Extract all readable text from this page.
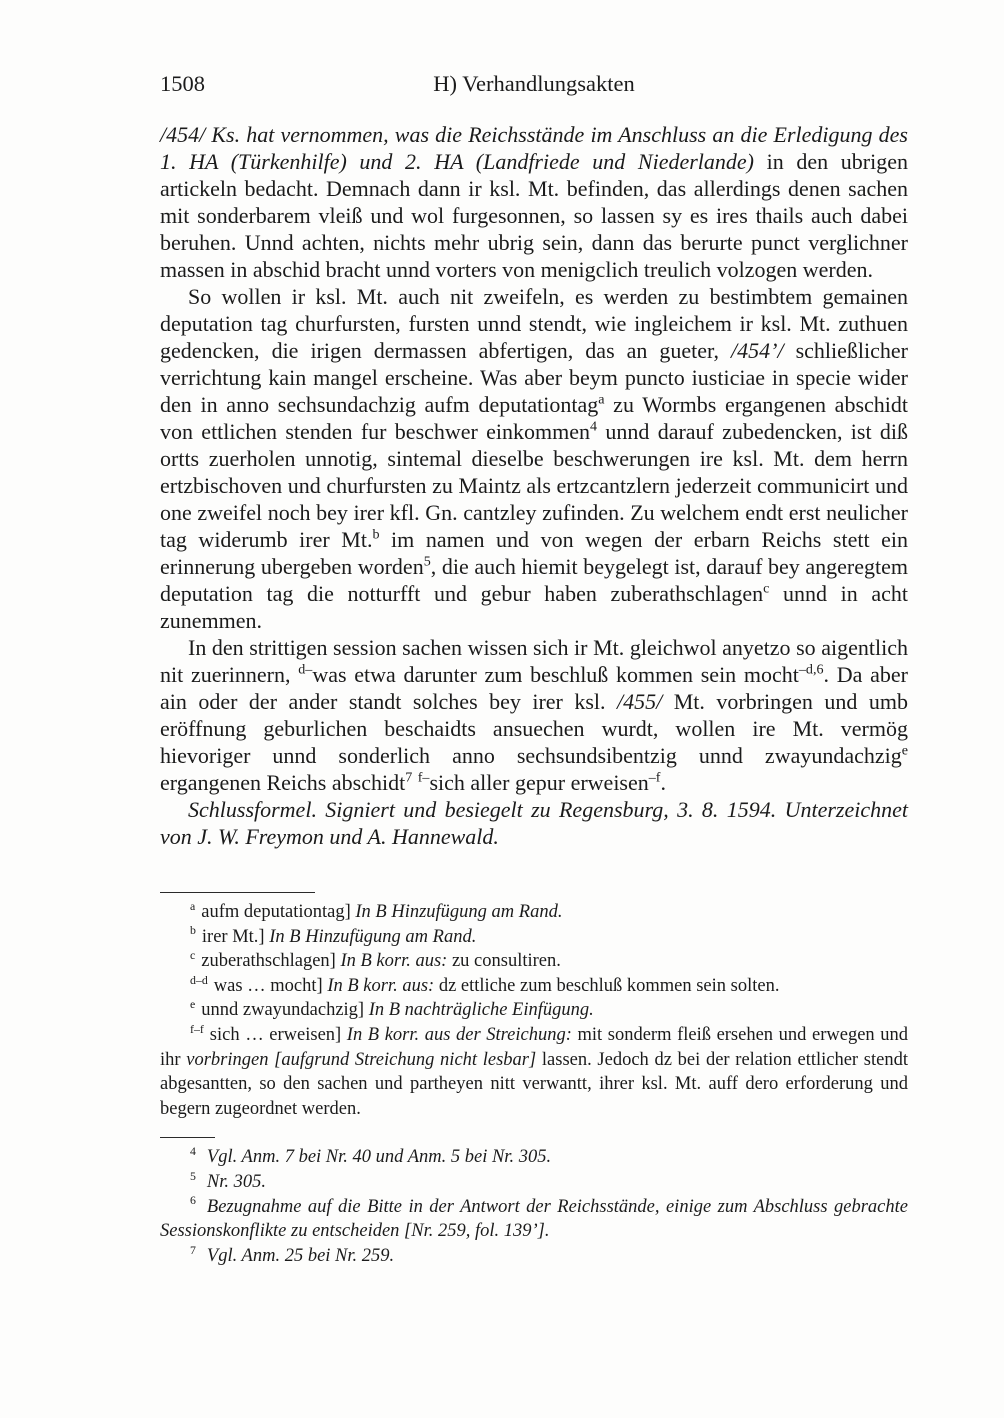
1508	H) Verhandlungsakten

/454/ Ks. hat vernommen, was die Reichsstände im Anschluss an die Erledigung des 1. HA (Türkenhilfe) und 2. HA (Landfriede und Niederlande) in den ubrigen artickeln bedacht. Demnach dann ir ksl. Mt. befinden, das allerdings denen sachen mit sonderbarem vleiß und wol furgesonnen, so lassen sy es ires thails auch dabei beruhen. Unnd achten, nichts mehr ubrig sein, dann das berurte punct verglichner massen in abschid bracht unnd vorters von menigclich treulich volzogen werden.

So wollen ir ksl. Mt. auch nit zweifeln, es werden zu bestimbtem gemainen deputation tag churfursten, fursten unnd stendt, wie ingleichem ir ksl. Mt. zuthuen gedencken, die irigen dermassen abfertigen, das an gueter, /454’/ schließlicher verrichtung kain mangel erscheine. Was aber beym puncto iusticiae in specie wider den in anno sechsundachzig aufm deputationtag$^a$ zu Wormbs ergangenen abschidt von ettlichen stenden fur beschwer einkommen$^4$ unnd darauf zubedencken, ist diß ortts zuerholen unnotig, sintemal dieselbe beschwerungen ire ksl. Mt. dem herrn ertzbischoven und churfursten zu Maintz als ertzcantzlern jederzeit communicirt und one zweifel noch bey irer kfl. Gn. cantzley zufinden. Zu welchem endt erst neulicher tag widerumb irer Mt.$^b$ im namen und von wegen der erbarn Reichs stett ein erinnerung ubergeben worden$^5$, die auch hiemit beygelegt ist, darauf bey angeregtem deputation tag die notturfft und gebur haben zuberathschlagen$^c$ unnd in acht zunemmen.

In den strittigen session sachen wissen sich ir Mt. gleichwol anyetzo so aigentlich nit zuerinnern, $^{d-}$was etwa darunter zum beschluß kommen sein mocht$^{-d,6}$. Da aber ain oder der ander standt solches bey irer ksl. /455/ Mt. vorbringen und umb eröffnung geburlichen beschaidts ansuechen wurdt, wollen ire Mt. vermög hievoriger unnd sonderlich anno sechsundsibentzig unnd zwayundachzig$^e$ ergangenen Reichs abschidt$^7$ $^{f-}$sich aller gepur erweisen$^{-f}$.

Schlussformel. Signiert und besiegelt zu Regensburg, 3. 8. 1594. Unterzeichnet von J. W. Freymon und A. Hannewald.

$^a$ aufm deputationtag] In B Hinzufügung am Rand.

$^b$ irer Mt.] In B Hinzufügung am Rand.

$^c$ zuberathschlagen] In B korr. aus: zu consultiren.

$^{d-d}$ was … mocht] In B korr. aus: dz ettliche zum beschluß kommen sein solten.

$^e$ unnd zwayundachzig] In B nachträgliche Einfügung.

$^{f-f}$ sich … erweisen] In B korr. aus der Streichung: mit sonderm fleiß ersehen und erwegen und ihr vorbringen [aufgrund Streichung nicht lesbar] lassen. Jedoch dz bei der relation ettlicher stendt abgesantten, so den sachen und partheyen nitt verwantt, ihrer ksl. Mt. auff dero erforderung und begern zugeordnet werden.

$^4$ Vgl. Anm. 7 bei Nr. 40 und Anm. 5 bei Nr. 305.

$^5$ Nr. 305.

$^6$ Bezugnahme auf die Bitte in der Antwort der Reichsstände, einige zum Abschluss gebrachte Sessionskonflikte zu entscheiden [Nr. 259, fol. 139’].

$^7$ Vgl. Anm. 25 bei Nr. 259.
